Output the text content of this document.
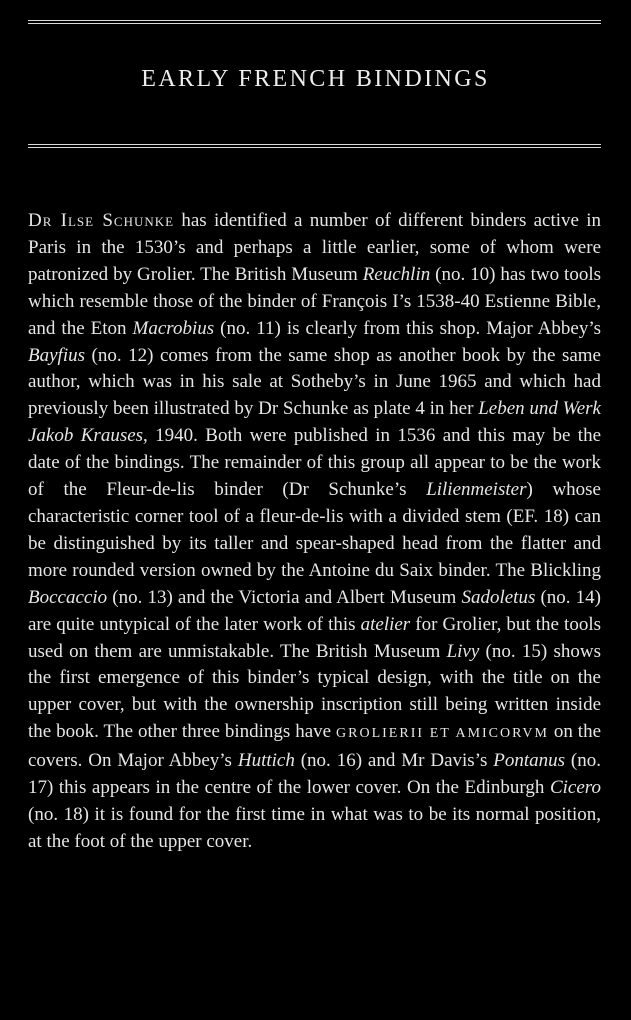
EARLY FRENCH BINDINGS
Dr Ilse Schunke has identified a number of different binders active in Paris in the 1530’s and perhaps a little earlier, some of whom were patronized by Grolier. The British Museum Reuchlin (no. 10) has two tools which resemble those of the binder of François I’s 1538-40 Estienne Bible, and the Eton Macrobius (no. 11) is clearly from this shop. Major Abbey’s Bayfius (no. 12) comes from the same shop as another book by the same author, which was in his sale at Sotheby’s in June 1965 and which had previously been illustrated by Dr Schunke as plate 4 in her Leben und Werk Jakob Krauses, 1940. Both were published in 1536 and this may be the date of the bindings. The remainder of this group all appear to be the work of the Fleur-de-lis binder (Dr Schunke’s Lilienmeister) whose characteristic corner tool of a fleur-de-lis with a divided stem (EF. 18) can be distinguished by its taller and spear-shaped head from the flatter and more rounded version owned by the Antoine du Saix binder. The Blickling Boccaccio (no. 13) and the Victoria and Albert Museum Sadoletus (no. 14) are quite untypical of the later work of this atelier for Grolier, but the tools used on them are unmistakable. The British Museum Livy (no. 15) shows the first emergence of this binder’s typical design, with the title on the upper cover, but with the ownership inscription still being written inside the book. The other three bindings have GROLIERII ET AMICORVM on the covers. On Major Abbey’s Huttich (no. 16) and Mr Davis’s Pontanus (no. 17) this appears in the centre of the lower cover. On the Edinburgh Cicero (no. 18) it is found for the first time in what was to be its normal position, at the foot of the upper cover.
